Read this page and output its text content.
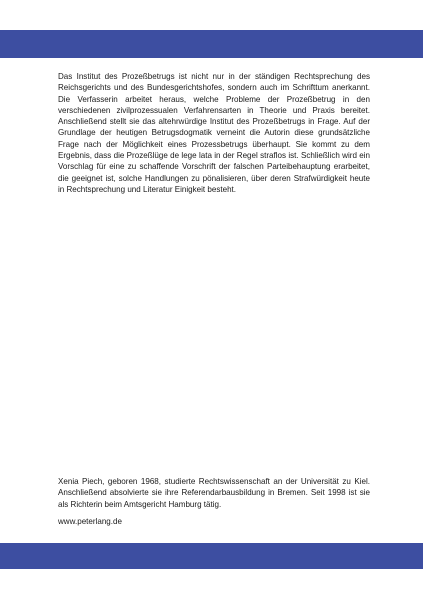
Das Institut des Prozeßbetrugs ist nicht nur in der ständigen Rechtsprechung des Reichsgerichts und des Bundesgerichtshofes, sondern auch im Schrifttum anerkannt. Die Verfasserin arbeitet heraus, welche Probleme der Prozeßbetrug in den verschiedenen zivilprozessualen Verfahrensarten in Theorie und Praxis bereitet. Anschließend stellt sie das altehrwürdige Institut des Prozeßbetrugs in Frage. Auf der Grundlage der heutigen Betrugsdogmatik verneint die Autorin diese grundsätzliche Frage nach der Möglichkeit eines Prozessbetrugs überhaupt. Sie kommt zu dem Ergebnis, dass die Prozeßlüge de lege lata in der Regel straflos ist. Schließlich wird ein Vorschlag für eine zu schaffende Vorschrift der falschen Parteibehauptung erarbeitet, die geeignet ist, solche Handlungen zu pönalisieren, über deren Strafwürdigkeit heute in Rechtsprechung und Literatur Einigkeit besteht.

Xenia Piech, geboren 1968, studierte Rechtswissenschaft an der Universität zu Kiel. Anschließend absolvierte sie ihre Referendarbausbildung in Bremen. Seit 1998 ist sie als Richterin beim Amtsgericht Hamburg tätig.

www.peterlang.de
